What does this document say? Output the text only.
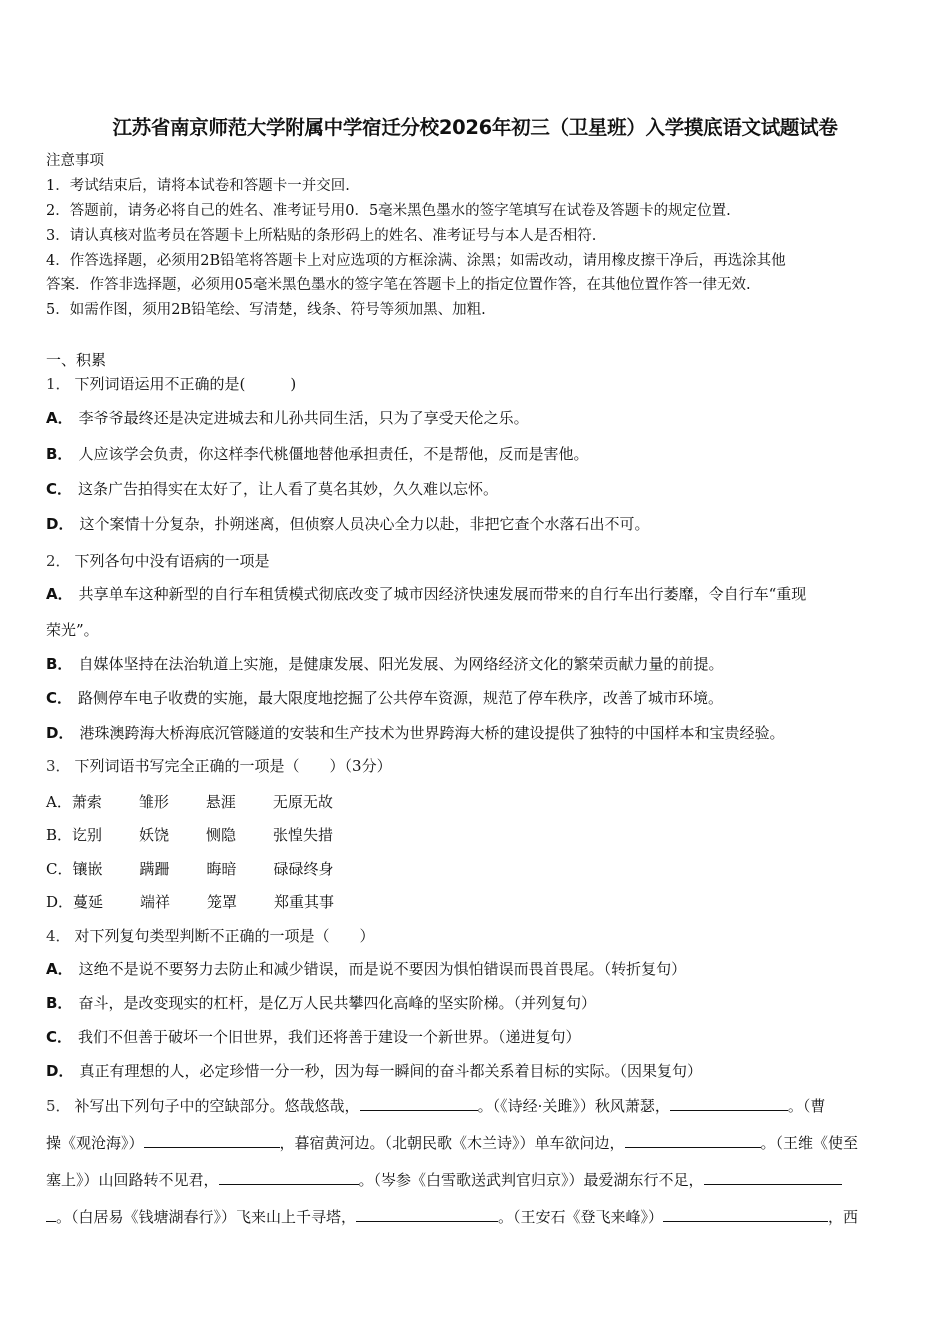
江苏省南京师范大学附属中学宿迁分校2026年初三（卫星班）入学摸底语文试题试卷
注意事项
1．考试结束后，请将本试卷和答题卡一并交回.
2．答题前，请务必将自己的姓名、准考证号用0．5毫米黑色墨水的签字笔填写在试卷及答题卡的规定位置.
3．请认真核对监考员在答题卡上所粘贴的条形码上的姓名、准考证号与本人是否相符.
4．作答选择题，必须用2B铅笔将答题卡上对应选项的方框涂满、涂黑；如需改动，请用橡皮擦干净后，再选涂其他
答案．作答非选择题，必须用05毫米黑色墨水的签字笔在答题卡上的指定位置作答，在其他位置作答一律无效.
5．如需作图，须用2B铅笔绘、写清楚，线条、符号等须加黑、加粗.
一、积累
1． 下列词语运用不正确的是(　　　)
A． 李爷爷最终还是决定进城去和儿孙共同生活，只为了享受天伦之乐。
B． 人应该学会负责，你这样李代桃僵地替他承担责任，不是帮他，反而是害他。
C． 这条广告拍得实在太好了，让人看了莫名其妙，久久难以忘怀。
D． 这个案情十分复杂，扑朔迷离，但侦察人员决心全力以赴，非把它查个水落石出不可。
2． 下列各句中没有语病的一项是
A． 共享单车这种新型的自行车租赁模式彻底改变了城市因经济快速发展而带来的自行车出行萎靡，令自行车“重现
荣光”。
B． 自媒体坚持在法治轨道上实施，是健康发展、阳光发展、为网络经济文化的繁荣贡献力量的前提。
C． 路侧停车电子收费的实施，最大限度地挖掘了公共停车资源，规范了停车秩序，改善了城市环境。
D． 港珠澳跨海大桥海底沉管隧道的安装和生产技术为世界跨海大桥的建设提供了独特的中国样本和宝贵经验。
3． 下列词语书写完全正确的一项是（　　）（3分）
A．萧索 雏形 悬涯 无原无故
B．讫别 妖饶 恻隐 张惶失措
C．镶嵌 蹒跚 晦暗 碌碌终身
D．蔓延 端祥 笼罩 郑重其事
4． 对下列复句类型判断不正确的一项是（　　）
A． 这绝不是说不要努力去防止和减少错误，而是说不要因为惧怕错误而畏首畏尾。（转折复句）
B． 奋斗，是改变现实的杠杆，是亿万人民共攀四化高峰的坚实阶梯。（并列复句）
C． 我们不但善于破坏一个旧世界，我们还将善于建设一个新世界。（递进复句）
D． 真正有理想的人，必定珍惜一分一秒，因为每一瞬间的奋斗都关系着目标的实际。（因果复句）
5． 补写出下列句子中的空缺部分。悠哉悠哉，	。（《诗经·关雎》）秋风萧瑟，	。（曹
操《观沧海》）	，暮宿黄河边。（北朝民歌《木兰诗》）单车欲问边，	。（王维《使至
塞上》）山回路转不见君，	。（岑参《白雪歌送武判官归京》）最爱湖东行不足，
。（白居易《钱塘湖春行》）飞来山上千寻塔，	。（王安石《登飞来峰》）	，西
